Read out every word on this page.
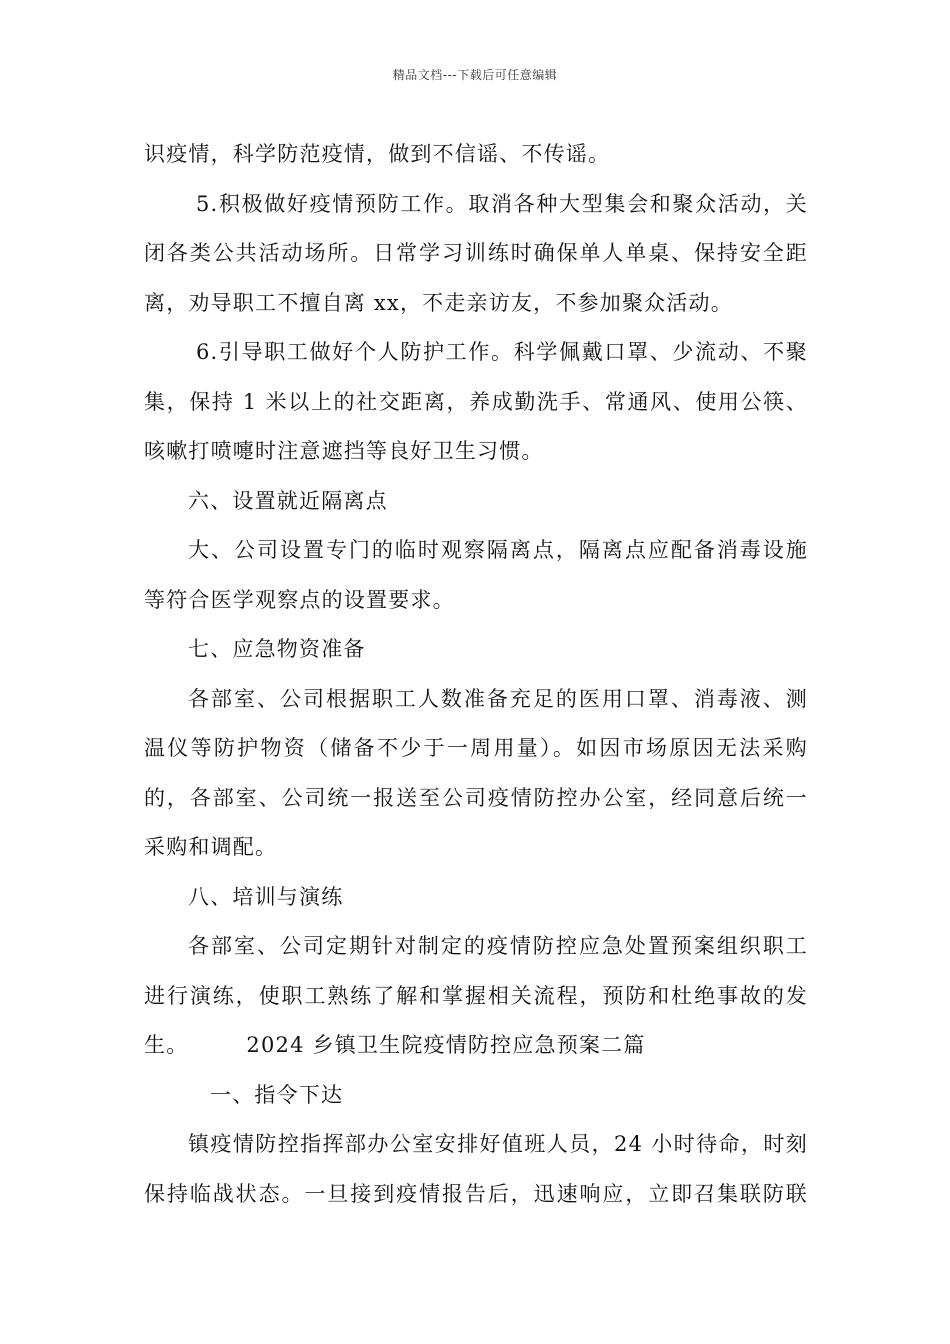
精品文档---下载后可任意编辑
识疫情，科学防范疫情，做到不信谣、不传谣。
5.积极做好疫情预防工作。取消各种大型集会和聚众活动，关
闭各类公共活动场所。日常学习训练时确保单人单桌、保持安全距
离，劝导职工不擅自离 xx，不走亲访友，不参加聚众活动。
6.引导职工做好个人防护工作。科学佩戴口罩、少流动、不聚
集，保持 1 米以上的社交距离，养成勤洗手、常通风、使用公筷、
咳嗽打喷嚏时注意遮挡等良好卫生习惯。
六、设置就近隔离点
大、公司设置专门的临时观察隔离点，隔离点应配备消毒设施
等符合医学观察点的设置要求。
七、应急物资准备
各部室、公司根据职工人数准备充足的医用口罩、消毒液、测
温仪等防护物资（储备不少于一周用量）。如因市场原因无法采购
的，各部室、公司统一报送至公司疫情防控办公室，经同意后统一
采购和调配。
八、培训与演练
各部室、公司定期针对制定的疫情防控应急处置预案组织职工
进行演练，使职工熟练了解和掌握相关流程，预防和杜绝事故的发
生。	2024 乡镇卫生院疫情防控应急预案二篇
一、指令下达
镇疫情防控指挥部办公室安排好值班人员，24 小时待命，时刻
保持临战状态。一旦接到疫情报告后，迅速响应，立即召集联防联
